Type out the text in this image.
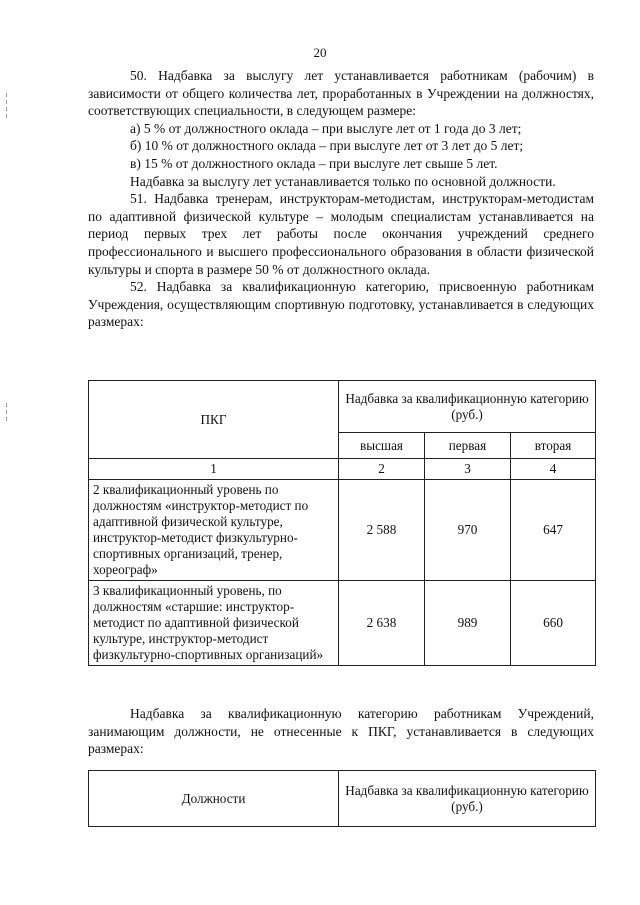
20

50. Надбавка за выслугу лет устанавливается работникам (рабочим) в зависимости от общего количества лет, проработанных в Учреждении на должностях, соответствующих специальности, в следующем размере:

а) 5 % от должностного оклада – при выслуге лет от 1 года до 3 лет;

б) 10 % от должностного оклада – при выслуге лет от 3 лет до 5 лет;

в) 15 % от должностного оклада – при выслуге лет свыше 5 лет.

Надбавка за выслугу лет устанавливается только по основной должности.

51. Надбавка тренерам, инструкторам-методистам, инструкторам-методистам по адаптивной физической культуре – молодым специалистам устанавливается на период первых трех лет работы после окончания учреждений среднего профессионального и высшего профессионального образования в области физической культуры и спорта в размере 50 % от должностного оклада.

52. Надбавка за квалификационную категорию, присвоенную работникам Учреждения, осуществляющим спортивную подготовку, устанавливается в следующих размерах:

ПКГ	Надбавка за квалификационную категорию (руб.)		
	высшая	первая	вторая
1	2	3	4
2 квалификационный уровень по должностям «инструктор-методист по адаптивной физической культуре, инструктор-методист физкультурно-спортивных организаций, тренер, хореограф»	2 588	970	647
3 квалификационный уровень, по должностям «старшие: инструктор-методист по адаптивной физической культуре, инструктор-методист физкультурно-спортивных организаций»	2 638	989	660

Надбавка за квалификационную категорию работникам Учреждений, занимающим должности, не отнесенные к ПКГ, устанавливается в следующих размерах:

Должности	Надбавка за квалификационную категорию (руб.)
